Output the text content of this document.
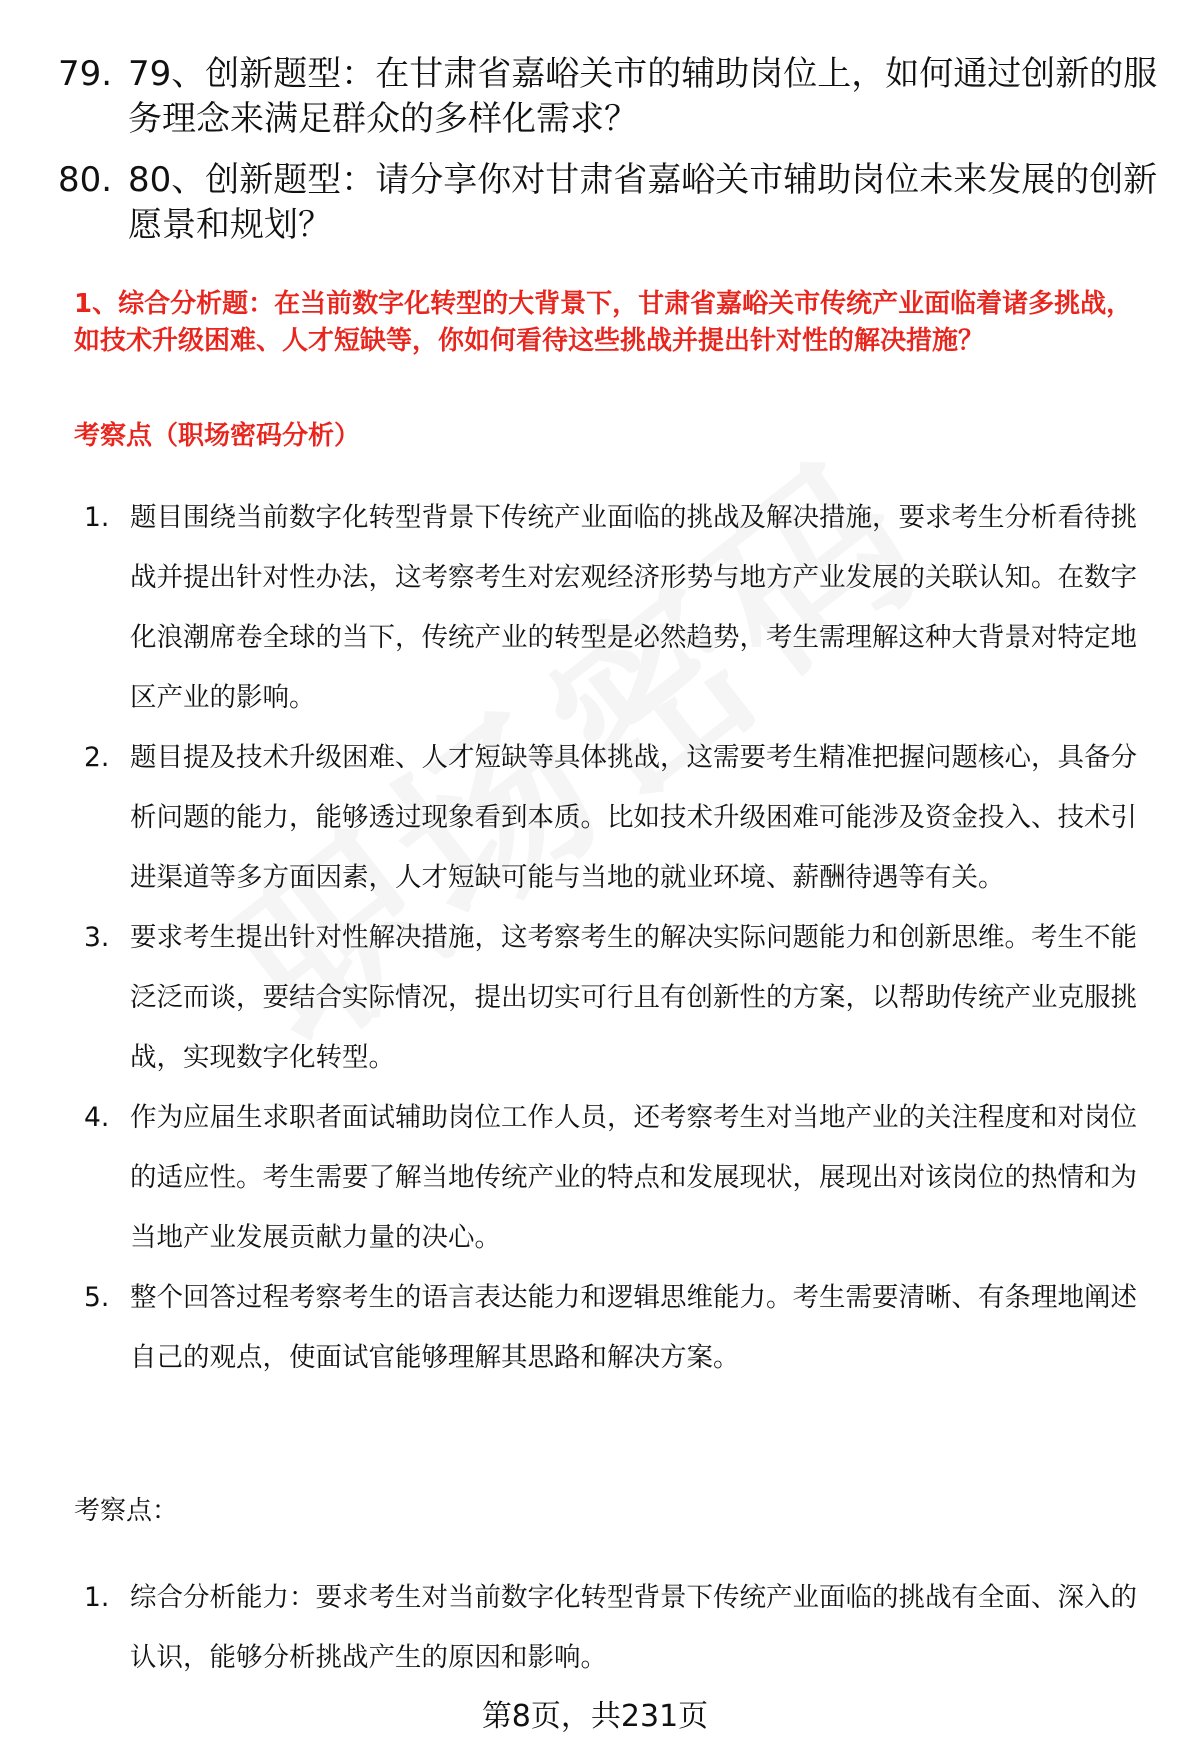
79. 79、创新题型：在甘肃省嘉峪关市的辅助岗位上，如何通过创新的服务理念来满足群众的多样化需求？
80. 80、创新题型：请分享你对甘肃省嘉峪关市辅助岗位未来发展的创新愿景和规划？
1、综合分析题：在当前数字化转型的大背景下，甘肃省嘉峪关市传统产业面临着诸多挑战，如技术升级困难、人才短缺等，你如何看待这些挑战并提出针对性的解决措施？
考察点（职场密码分析）
1. 题目围绕当前数字化转型背景下传统产业面临的挑战及解决措施，要求考生分析看待挑战并提出针对性办法，这考察考生对宏观经济形势与地方产业发展的关联认知。在数字化浪潮席卷全球的当下，传统产业的转型是必然趋势，考生需理解这种大背景对特定地区产业的影响。
2. 题目提及技术升级困难、人才短缺等具体挑战，这需要考生精准把握问题核心，具备分析问题的能力，能够透过现象看到本质。比如技术升级困难可能涉及资金投入、技术引进渠道等多方面因素，人才短缺可能与当地的就业环境、薪酬待遇等有关。
3. 要求考生提出针对性解决措施，这考察考生的解决实际问题能力和创新思维。考生不能泛泛而谈，要结合实际情况，提出切实可行且有创新性的方案，以帮助传统产业克服挑战，实现数字化转型。
4. 作为应届生求职者面试辅助岗位工作人员，还考察考生对当地产业的关注程度和对岗位的适应性。考生需要了解当地传统产业的特点和发展现状，展现出对该岗位的热情和为当地产业发展贡献力量的决心。
5. 整个回答过程考察考生的语言表达能力和逻辑思维能力。考生需要清晰、有条理地阐述自己的观点，使面试官能够理解其思路和解决方案。
考察点：
1. 综合分析能力：要求考生对当前数字化转型背景下传统产业面临的挑战有全面、深入的认识，能够分析挑战产生的原因和影响。
第8页，共231页
